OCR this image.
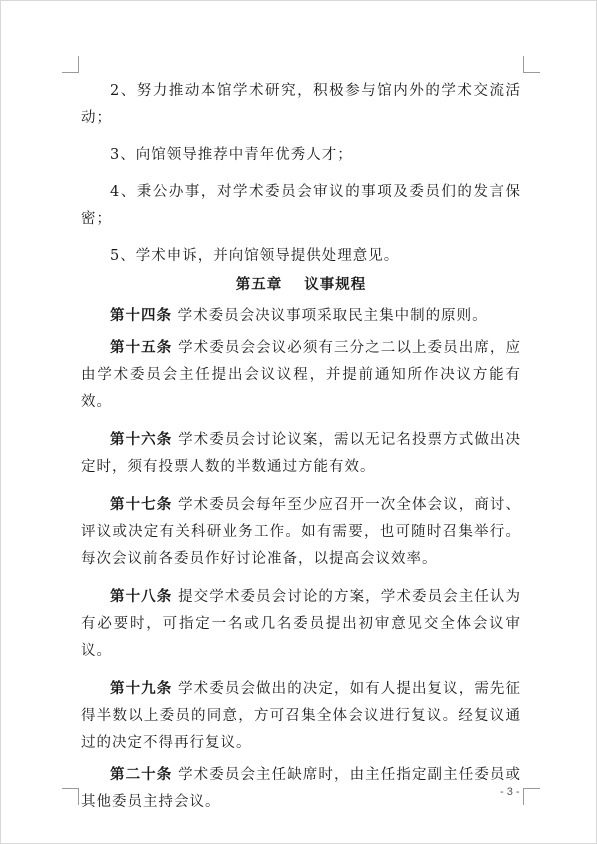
2、努力推动本馆学术研究，积极参与馆内外的学术交流活动；

3、向馆领导推荐中青年优秀人才；

4、秉公办事，对学术委员会审议的事项及委员们的发言保密；

5、学术申诉，并向馆领导提供处理意见。

第五章 议事规程

第十四条 学术委员会决议事项采取民主集中制的原则。

第十五条 学术委员会会议必须有三分之二以上委员出席，应由学术委员会主任提出会议议程，并提前通知所作决议方能有效。

第十六条 学术委员会讨论议案，需以无记名投票方式做出决定时，须有投票人数的半数通过方能有效。

第十七条 学术委员会每年至少应召开一次全体会议，商讨、评议或决定有关科研业务工作。如有需要，也可随时召集举行。每次会议前各委员作好讨论准备，以提高会议效率。

第十八条 提交学术委员会讨论的方案，学术委员会主任认为有必要时，可指定一名或几名委员提出初审意见交全体会议审议。

第十九条 学术委员会做出的决定，如有人提出复议，需先征得半数以上委员的同意，方可召集全体会议进行复议。经复议通过的决定不得再行复议。

第二十条 学术委员会主任缺席时，由主任指定副主任委员或其他委员主持会议。

- 3 -
